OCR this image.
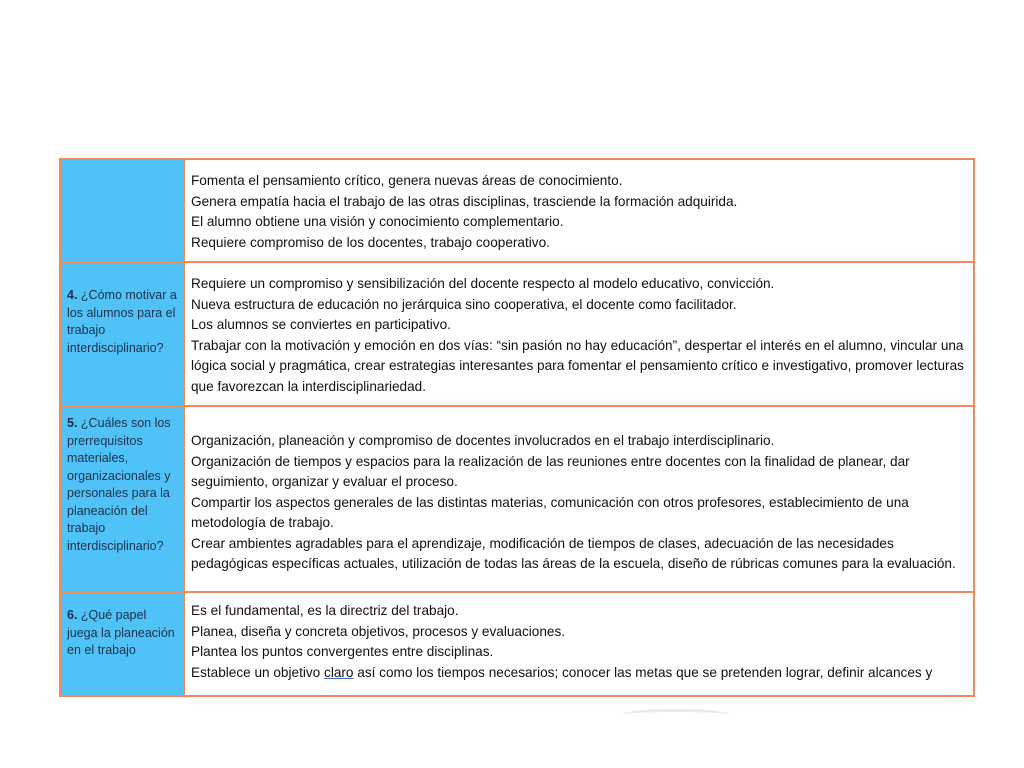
	Fomenta el pensamiento crítico, genera nuevas áreas de conocimiento.
Genera empatía hacia el trabajo de las otras disciplinas, trasciende la formación adquirida.
El alumno obtiene una visión y conocimiento complementario.
Requiere compromiso de los docentes, trabajo cooperativo.

4. ¿Cómo motivar a los alumnos para el trabajo interdisciplinario?	Requiere un compromiso y sensibilización del docente respecto al modelo educativo, convicción.
Nueva estructura de educación no jerárquica sino cooperativa, el docente como facilitador.
Los alumnos se conviertes en participativo.
Trabajar con la motivación y emoción en dos vías: “sin pasión no hay educación”, despertar el interés en el alumno, vincular una lógica social y pragmática, crear estrategias interesantes para fomentar el pensamiento crítico e investigativo, promover lecturas que favorezcan la interdisciplinariedad.

5. ¿Cuáles son los prerrequisitos materiales, organizacionales y personales para la planeación del trabajo interdisciplinario?	Organización, planeación y compromiso de docentes involucrados en el trabajo interdisciplinario.
Organización de tiempos y espacios para la realización de las reuniones entre docentes con la finalidad de planear, dar seguimiento, organizar y evaluar el proceso.
Compartir los aspectos generales de las distintas materias, comunicación con otros profesores, establecimiento de una metodología de trabajo.
Crear ambientes agradables para el aprendizaje, modificación de tiempos de clases, adecuación de las necesidades pedagógicas específicas actuales, utilización de todas las áreas de la escuela, diseño de rúbricas comunes para la evaluación.

6. ¿Qué papel juega la planeación en el trabajo	Es el fundamental, es la directriz del trabajo.
Planea, diseña y concreta objetivos, procesos y evaluaciones.
Plantea los puntos convergentes entre disciplinas.
Establece un objetivo claro así como los tiempos necesarios; conocer las metas que se pretenden lograr, definir alcances y
